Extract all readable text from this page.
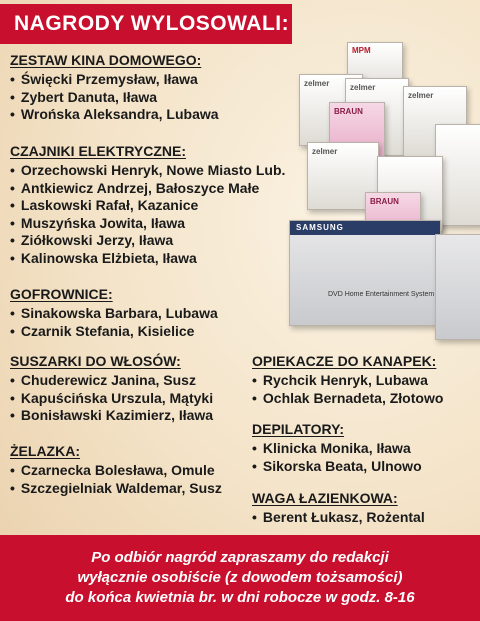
NAGRODY WYLOSOWALI:
MPM
zelmer	zelmer
BRAUN
zelmer
zelmer
BRAUN
SAMSUNG
DVD Home Entertainment System

ZESTAW KINA DOMOWEGO:

• Święcki Przemysław, Iława
• Zybert Danuta, Iława
• Wrońska Aleksandra, Lubawa

CZAJNIKI ELEKTRYCZNE:

• Orzechowski Henryk, Nowe Miasto Lub.
• Antkiewicz Andrzej, Bałoszyce Małe
• Laskowski Rafał, Kazanice
• Muszyńska Jowita, Iława
• Ziółkowski Jerzy, Iława
• Kalinowska Elżbieta, Iława

GOFROWNICE:

• Sinakowska Barbara, Lubawa
• Czarnik Stefania, Kisielice

SUSZARKI DO WŁOSÓW:

• Chuderewicz Janina, Susz
• Kapuścińska Urszula, Mątyki
• Bonisławski Kazimierz, Iława

ŻELAZKA:

• Czarnecka Bolesława, Omule
• Szczegielniak Waldemar, Susz

OPIEKACZE DO KANAPEK:

• Rychcik Henryk, Lubawa
• Ochlak Bernadeta, Złotowo

DEPILATORY:

• Klinicka Monika, Iława
• Sikorska Beata, Ulnowo

WAGA ŁAZIENKOWA:

• Berent Łukasz, Rożental
Po odbiór nagród zapraszamy do redakcji
wyłącznie osobiście (z dowodem tożsamości)
do końca kwietnia br. w dni robocze w godz. 8-16
